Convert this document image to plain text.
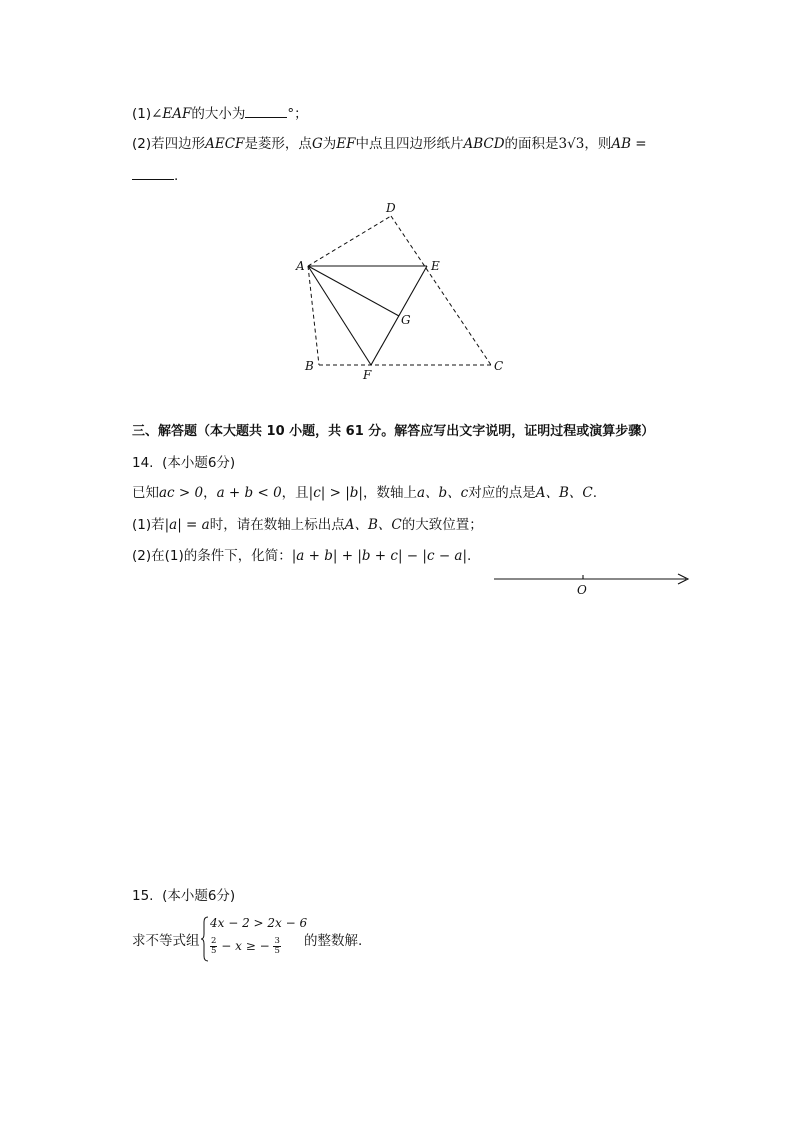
(1)∠EAF的大小为	°；
(2)若四边形AECF是菱形，点G为EF中点且四边形纸片ABCD的面积是3√3，则AB =
.
A
D
E
G
B
F
C
三、解答题（本大题共 10 小题，共 61 分。解答应写出文字说明，证明过程或演算步骤）
14. (本小题6分)
已知ac > 0，a + b < 0，且|c| > |b|，数轴上a、b、c对应的点是A、B、C.
(1)若|a| = a时，请在数轴上标出点A、B、C的大致位置；
(2)在(1)的条件下，化简：|a + b| + |b + c| − |c − a|.
O
15. (本小题6分)
求不等式组
4x − 2 > 2x − 6
$\frac{2}{5} - x$ ≥ − $\frac{3}{5}$ 的整数解.
